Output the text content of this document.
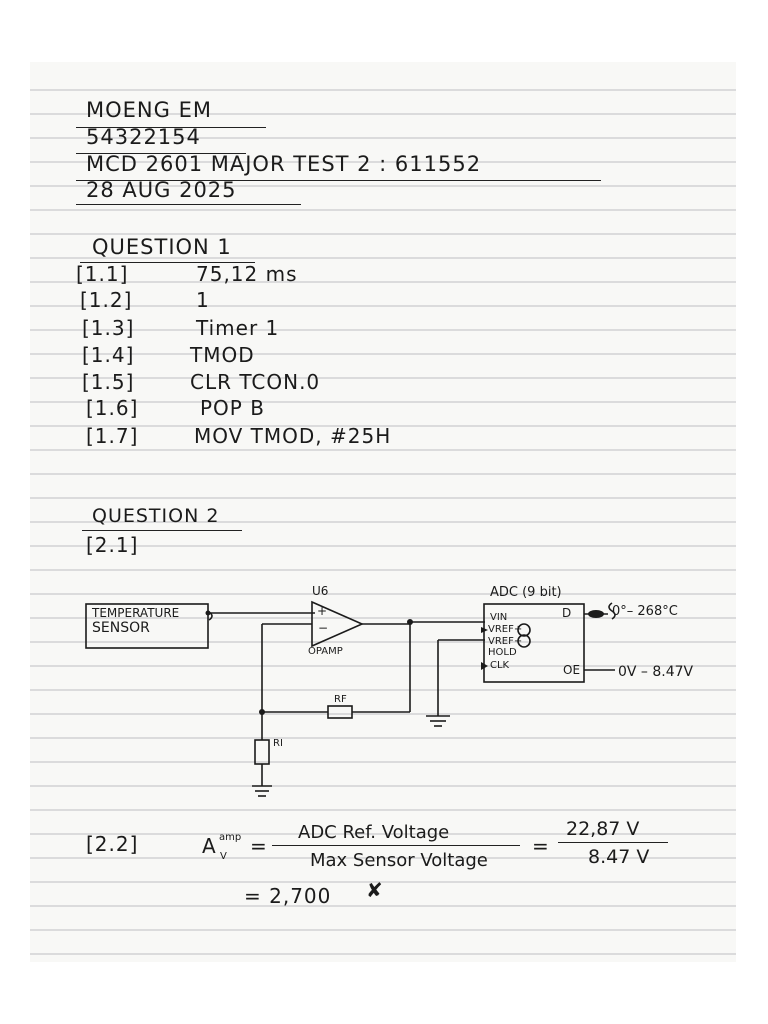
MOENG EM
54322154
MCD 2601 MAJOR TEST 2 : 611552
28 AUG 2025
QUESTION 1
[1.1]	75,12 ms
[1.2]	1
[1.3]	Timer 1
[1.4]	TMOD
[1.5]	CLR TCON.0
[1.6]	POP B
[1.7]	MOV TMOD, #25H
QUESTION 2
[2.1]
TEMPERATURE
SENSOR
U6
+
−
OPAMP
RF
RI
ADC (9 bit)
VIN
VREF+
VREF−
HOLD
CLK
D
OE
0°– 268°C
0V – 8.47V
[2.2]	A amp
V =
ADC Ref. Voltage
Max Sensor Voltage
=
22,87 V
8.47 V
= 2,700 ✘
